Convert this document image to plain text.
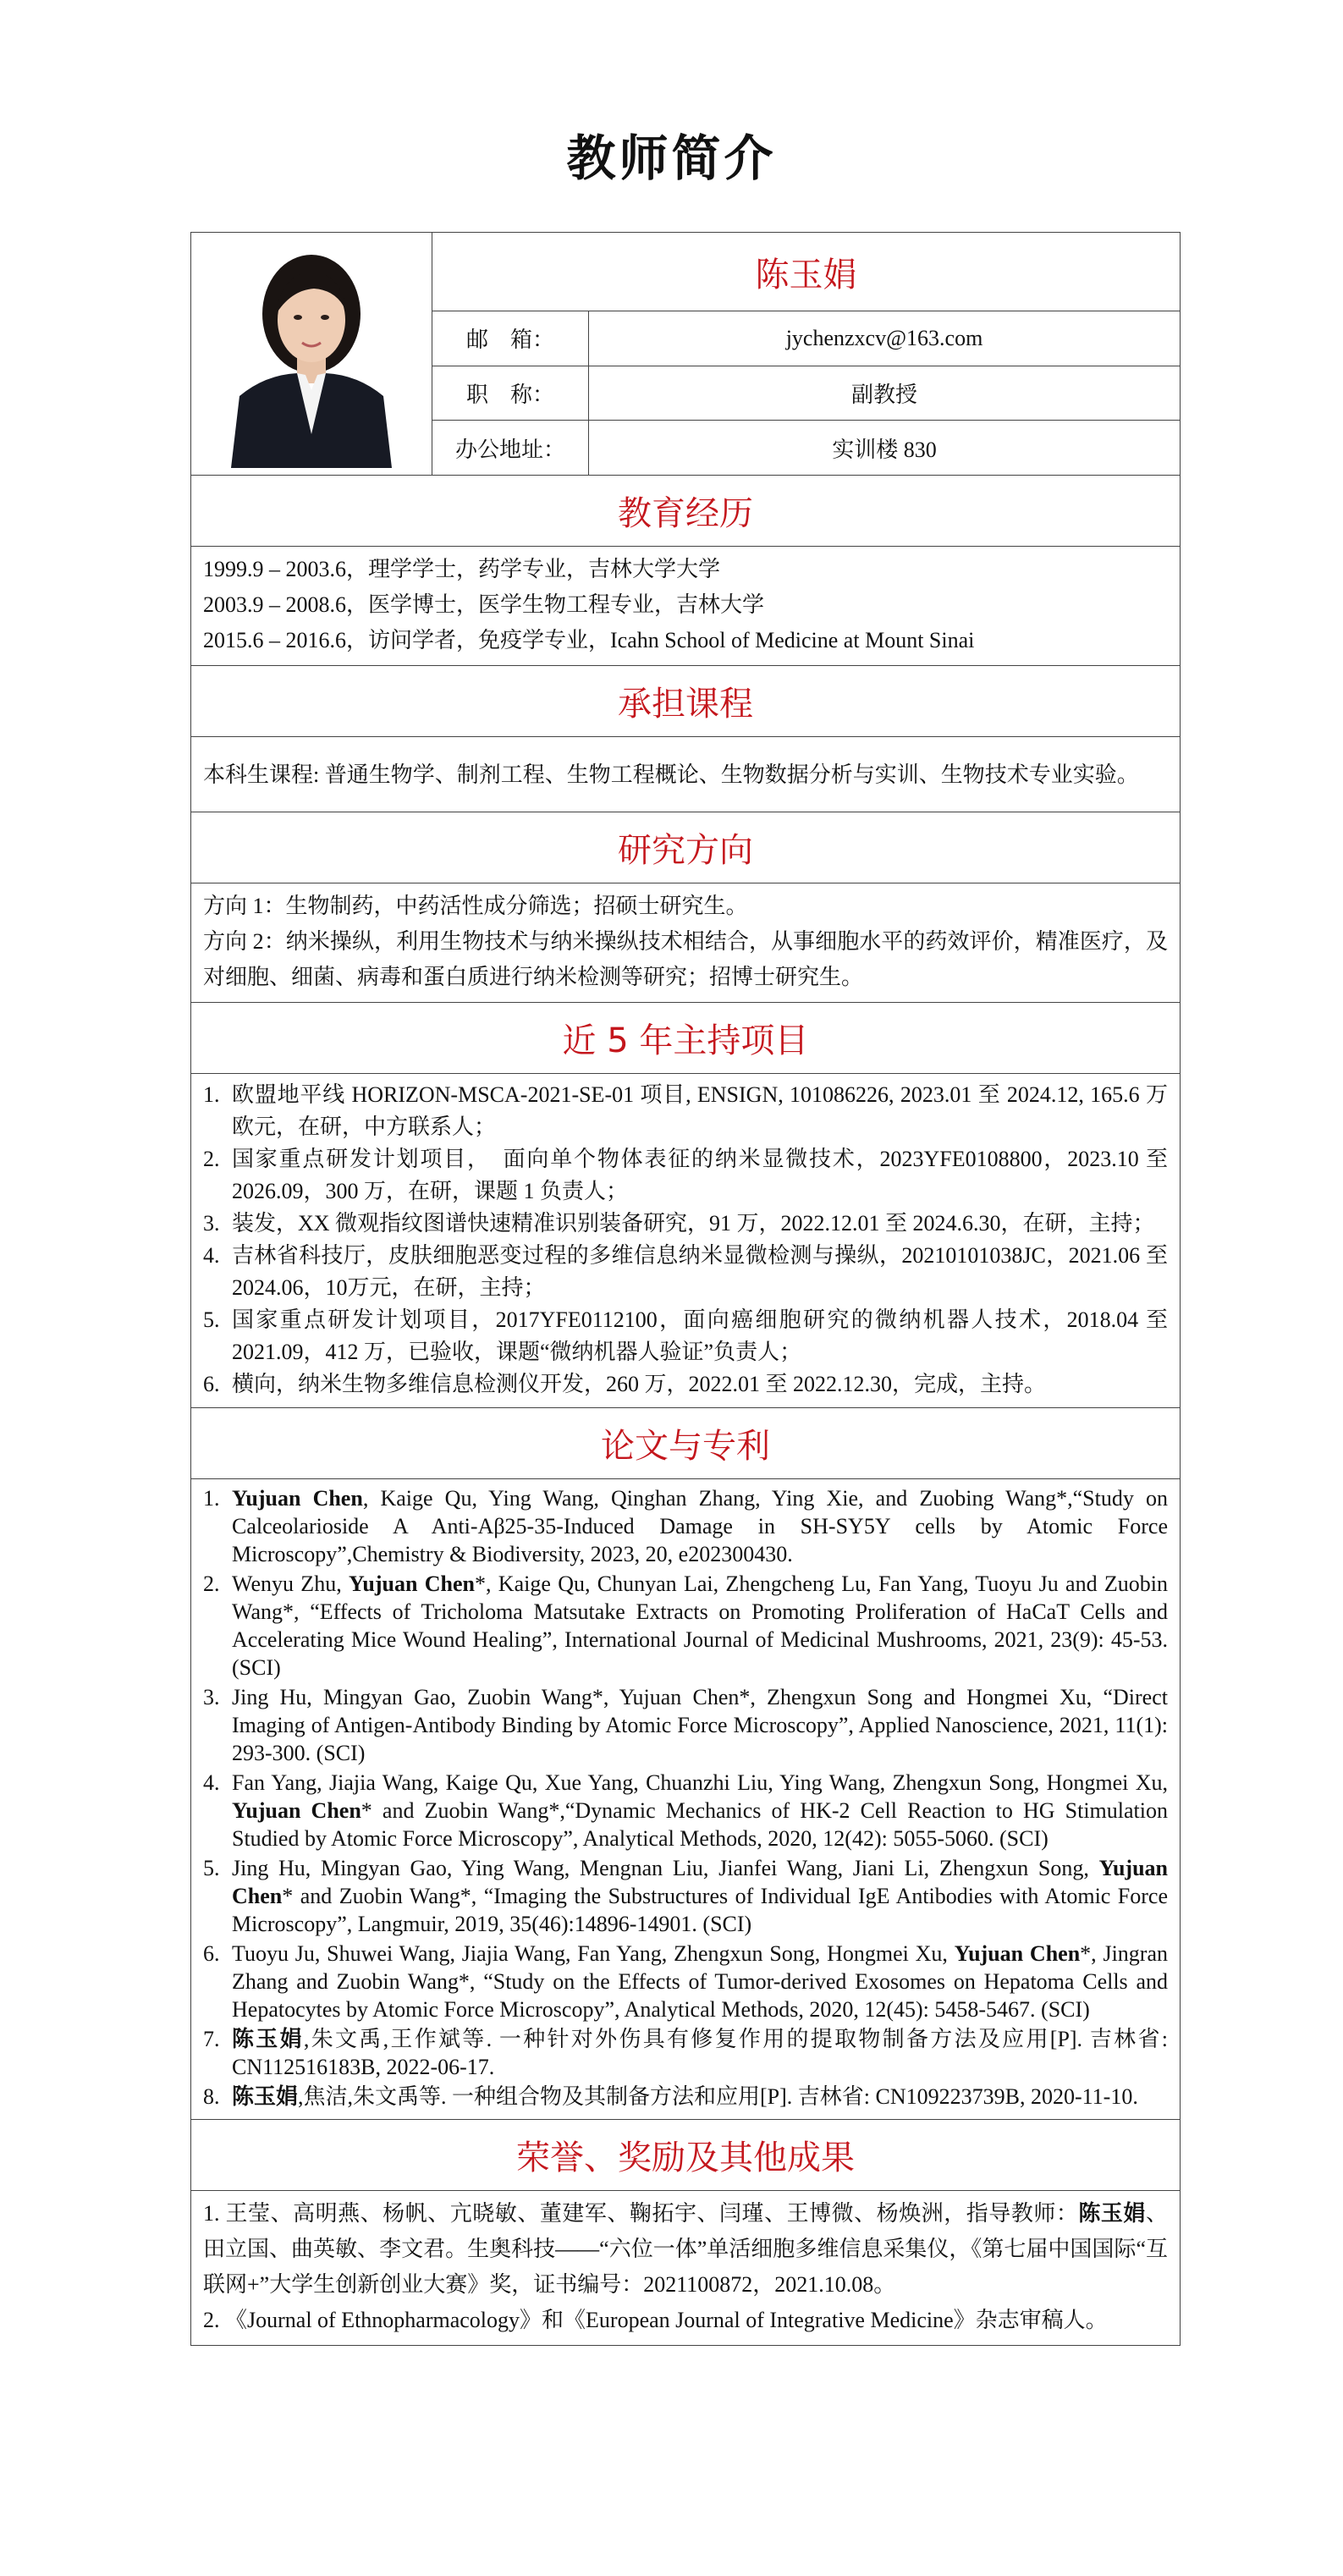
教师简介
陈玉娟
邮　箱：	jychenzxcv@163.com
职　称：	副教授
办公地址：	实训楼 830
教育经历

1999.9 – 2003.6，理学学士，药学专业，吉林大学大学

2003.9 – 2008.6，医学博士，医学生物工程专业，吉林大学

2015.6 – 2016.6，访问学者，免疫学专业，Icahn School of Medicine at Mount Sinai

承担课程

本科生课程: 普通生物学、制剂工程、生物工程概论、生物数据分析与实训、生物技术专业实验。

研究方向

方向 1：生物制药，中药活性成分筛选；招硕士研究生。

方向 2：纳米操纵，利用生物技术与纳米操纵技术相结合，从事细胞水平的药效评价，精准医疗，及对细胞、细菌、病毒和蛋白质进行纳米检测等研究；招博士研究生。

近 5 年主持项目
1. 欧盟地平线 HORIZON-MSCA-2021-SE-01 项目, ENSIGN, 101086226, 2023.01 至 2024.12, 165.6 万欧元，在研，中方联系人；
2. 国家重点研发计划项目，　面向单个物体表征的纳米显微技术，2023YFE0108800，2023.10 至 2026.09，300 万，在研，课题 1 负责人；
3. 装发，XX 微观指纹图谱快速精准识别装备研究，91 万，2022.12.01 至 2024.6.30，在研，主持；
4. 吉林省科技厅，皮肤细胞恶变过程的多维信息纳米显微检测与操纵，20210101038JC，2021.06 至2024.06，10万元，在研，主持；
5. 国家重点研发计划项目，2017YFE0112100，面向癌细胞研究的微纳机器人技术，2018.04 至 2021.09，412 万，已验收，课题“微纳机器人验证”负责人；
6. 横向，纳米生物多维信息检测仪开发，260 万，2022.01 至 2022.12.30，完成，主持。
论文与专利
1. Yujuan Chen, Kaige Qu, Ying Wang, Qinghan Zhang, Ying Xie, and Zuobing Wang*,“Study on Calceolarioside A Anti-Aβ25-35-Induced Damage in SH-SY5Y cells by Atomic Force Microscopy”,Chemistry & Biodiversity, 2023, 20, e202300430.
2. Wenyu Zhu, Yujuan Chen*, Kaige Qu, Chunyan Lai, Zhengcheng Lu, Fan Yang, Tuoyu Ju and Zuobin Wang*, “Effects of Tricholoma Matsutake Extracts on Promoting Proliferation of HaCaT Cells and Accelerating Mice Wound Healing”, International Journal of Medicinal Mushrooms, 2021, 23(9): 45-53. (SCI)
3. Jing Hu, Mingyan Gao, Zuobin Wang*, Yujuan Chen*, Zhengxun Song and Hongmei Xu, “Direct Imaging of Antigen-Antibody Binding by Atomic Force Microscopy”, Applied Nanoscience, 2021, 11(1): 293-300. (SCI)
4. Fan Yang, Jiajia Wang, Kaige Qu, Xue Yang, Chuanzhi Liu, Ying Wang, Zhengxun Song, Hongmei Xu, Yujuan Chen* and Zuobin Wang*,“Dynamic Mechanics of HK-2 Cell Reaction to HG Stimulation Studied by Atomic Force Microscopy”, Analytical Methods, 2020, 12(42): 5055-5060. (SCI)
5. Jing Hu, Mingyan Gao, Ying Wang, Mengnan Liu, Jianfei Wang, Jiani Li, Zhengxun Song, Yujuan Chen* and Zuobin Wang*, “Imaging the Substructures of Individual IgE Antibodies with Atomic Force Microscopy”, Langmuir, 2019, 35(46):14896-14901. (SCI)
6. Tuoyu Ju, Shuwei Wang, Jiajia Wang, Fan Yang, Zhengxun Song, Hongmei Xu, Yujuan Chen*, Jingran Zhang and Zuobin Wang*, “Study on the Effects of Tumor-derived Exosomes on Hepatoma Cells and Hepatocytes by Atomic Force Microscopy”, Analytical Methods, 2020, 12(45): 5458-5467. (SCI)
7. 陈玉娟,朱文禹,王作斌等. 一种针对外伤具有修复作用的提取物制备方法及应用[P]. 吉林省: CN112516183B, 2022-06-17.
8. 陈玉娟,焦洁,朱文禹等. 一种组合物及其制备方法和应用[P]. 吉林省: CN109223739B, 2020-11-10.
荣誉、奖励及其他成果

1. 王莹、高明燕、杨帆、亢晓敏、董建军、鞠拓宇、闫瑾、王博微、杨焕洲，指导教师：陈玉娟、田立国、曲英敏、李文君。生奥科技——“六位一体”单活细胞多维信息采集仪，《第七届中国国际“互联网+”大学生创新创业大赛》奖，证书编号：2021100872，2021.10.08。

2. 《Journal of Ethnopharmacology》和《European Journal of Integrative Medicine》杂志审稿人。
